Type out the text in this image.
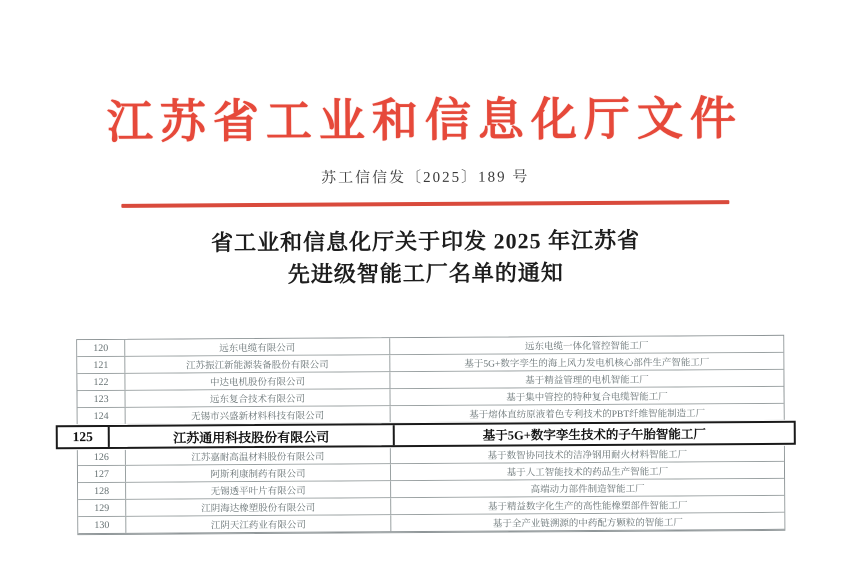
江苏省工业和信息化厅文件
苏工信信发〔2025〕189 号
省工业和信息化厅关于印发 2025 年江苏省
先进级智能工厂名单的通知
120	远东电缆有限公司	远东电缆一体化管控智能工厂
121	江苏振江新能源装备股份有限公司	基于5G+数字孪生的海上风力发电机核心部件生产智能工厂
122	中达电机股份有限公司	基于精益管理的电机智能工厂
123	远东复合技术有限公司	基于集中管控的特种复合电缆智能工厂
124	无锡市兴盛新材料科技有限公司	基于熔体直纺原液着色专利技术的PBT纤维智能制造工厂
125	江苏通用科技股份有限公司	基于5G+数字孪生技术的子午胎智能工厂
126	江苏嘉耐高温材料股份有限公司	基于数智协同技术的洁净钢用耐火材料智能工厂
127	阿斯利康制药有限公司	基于人工智能技术的药品生产智能工厂
128	无锡透平叶片有限公司	高端动力部件制造智能工厂
129	江阴海达橡塑股份有限公司	基于精益数字化生产的高性能橡塑部件智能工厂
130	江阴天江药业有限公司	基于全产业链溯源的中药配方颗粒的智能工厂
